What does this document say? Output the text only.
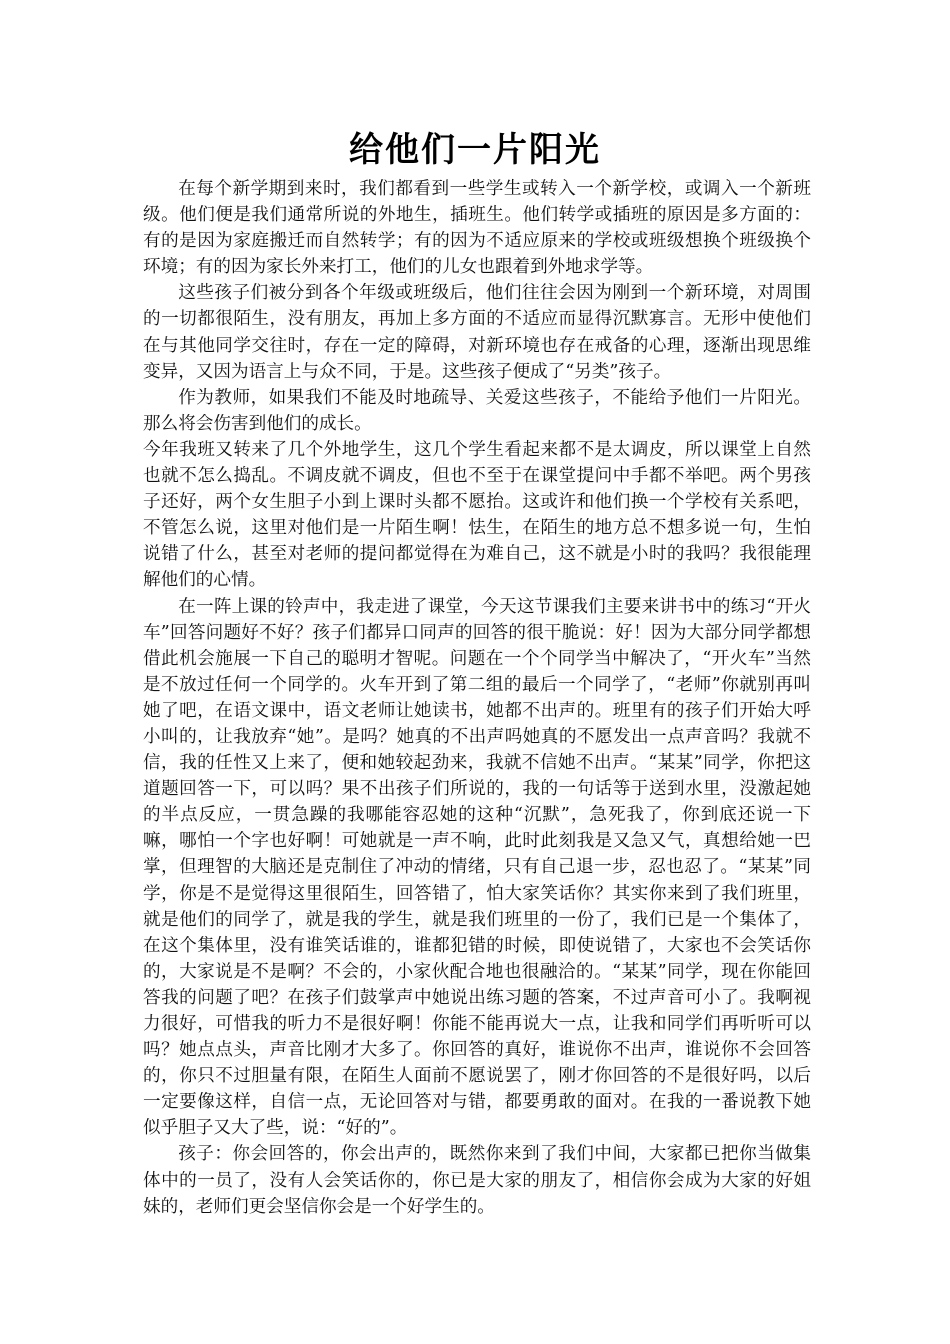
给他们一片阳光

在每个新学期到来时，我们都看到一些学生或转入一个新学校，或调入一个新班级。他们便是我们通常所说的外地生，插班生。他们转学或插班的原因是多方面的：有的是因为家庭搬迁而自然转学；有的因为不适应原来的学校或班级想换个班级换个环境；有的因为家长外来打工，他们的儿女也跟着到外地求学等。

这些孩子们被分到各个年级或班级后，他们往往会因为刚到一个新环境，对周围的一切都很陌生，没有朋友，再加上多方面的不适应而显得沉默寡言。无形中使他们在与其他同学交往时，存在一定的障碍，对新环境也存在戒备的心理，逐渐出现思维变异，又因为语言上与众不同，于是。这些孩子便成了“另类”孩子。

作为教师，如果我们不能及时地疏导、关爱这些孩子，不能给予他们一片阳光。那么将会伤害到他们的成长。

今年我班又转来了几个外地学生，这几个学生看起来都不是太调皮，所以课堂上自然也就不怎么捣乱。不调皮就不调皮，但也不至于在课堂提问中手都不举吧。两个男孩子还好，两个女生胆子小到上课时头都不愿抬。这或许和他们换一个学校有关系吧，不管怎么说，这里对他们是一片陌生啊！怯生，在陌生的地方总不想多说一句，生怕说错了什么，甚至对老师的提问都觉得在为难自己，这不就是小时的我吗？我很能理解他们的心情。

在一阵上课的铃声中，我走进了课堂，今天这节课我们主要来讲书中的练习“开火车”回答问题好不好？孩子们都异口同声的回答的很干脆说：好！因为大部分同学都想借此机会施展一下自己的聪明才智呢。问题在一个个同学当中解决了，“开火车”当然是不放过任何一个同学的。火车开到了第二组的最后一个同学了，“老师”你就别再叫她了吧，在语文课中，语文老师让她读书，她都不出声的。班里有的孩子们开始大呼小叫的，让我放弃“她”。是吗？她真的不出声吗她真的不愿发出一点声音吗？我就不信，我的任性又上来了，便和她较起劲来，我就不信她不出声。“某某”同学，你把这道题回答一下，可以吗？果不出孩子们所说的，我的一句话等于送到水里，没激起她的半点反应，一贯急躁的我哪能容忍她的这种“沉默”，急死我了，你到底还说一下嘛，哪怕一个字也好啊！可她就是一声不响，此时此刻我是又急又气，真想给她一巴掌，但理智的大脑还是克制住了冲动的情绪，只有自己退一步，忍也忍了。“某某”同学，你是不是觉得这里很陌生，回答错了，怕大家笑话你？其实你来到了我们班里，就是他们的同学了，就是我的学生，就是我们班里的一份了，我们已是一个集体了，在这个集体里，没有谁笑话谁的，谁都犯错的时候，即使说错了，大家也不会笑话你的，大家说是不是啊？不会的，小家伙配合地也很融洽的。“某某”同学，现在你能回答我的问题了吧？在孩子们鼓掌声中她说出练习题的答案，不过声音可小了。我啊视力很好，可惜我的听力不是很好啊！你能不能再说大一点，让我和同学们再听听可以吗？她点点头，声音比刚才大多了。你回答的真好，谁说你不出声，谁说你不会回答的，你只不过胆量有限，在陌生人面前不愿说罢了，刚才你回答的不是很好吗，以后一定要像这样，自信一点，无论回答对与错，都要勇敢的面对。在我的一番说教下她似乎胆子又大了些，说：“好的”。

孩子：你会回答的，你会出声的，既然你来到了我们中间，大家都已把你当做集体中的一员了，没有人会笑话你的，你已是大家的朋友了，相信你会成为大家的好姐妹的，老师们更会坚信你会是一个好学生的。
